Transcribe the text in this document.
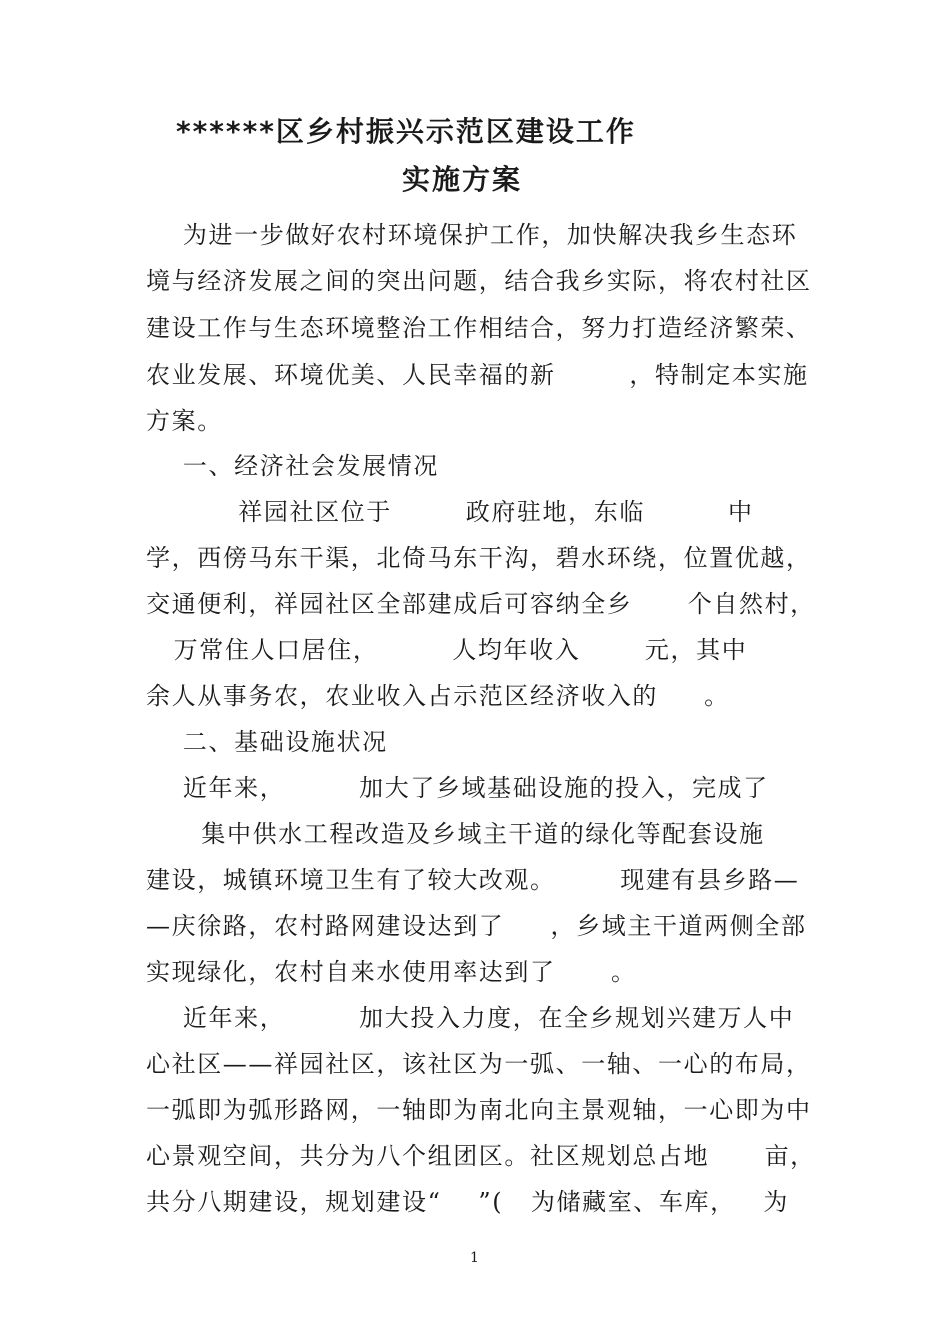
******区乡村振兴示范区建设工作
实施方案
为进一步做好农村环境保护工作，加快解决我乡生态环
境与经济发展之间的突出问题，结合我乡实际，将农村社区
建设工作与生态环境整治工作相结合，努力打造经济繁荣、
农业发展、环境优美、人民幸福的新        ，特制定本实施
方案。
一、经济社会发展情况
祥园社区位于        政府驻地，东临         中
学，西傍马东干渠，北倚马东干沟，碧水环绕，位置优越，
交通便利，祥园社区全部建成后可容纳全乡      个自然村，
万常住人口居住，        人均年收入       元，其中
余人从事务农，农业收入占示范区经济收入的     。
二、基础设施状况
近年来，        加大了乡域基础设施的投入，完成了
集中供水工程改造及乡域主干道的绿化等配套设施
建设，城镇环境卫生有了较大改观。       现建有县乡路—
—庆徐路，农村路网建设达到了     ，乡域主干道两侧全部
实现绿化，农村自来水使用率达到了      。
近年来，        加大投入力度，在全乡规划兴建万人中
心社区——祥园社区，该社区为一弧、一轴、一心的布局，
一弧即为弧形路网，一轴即为南北向主景观轴，一心即为中
心景观空间，共分为八个组团区。社区规划总占地      亩，
共分八期建设，规划建设“    ”(   为储藏室、车库，   为
1
